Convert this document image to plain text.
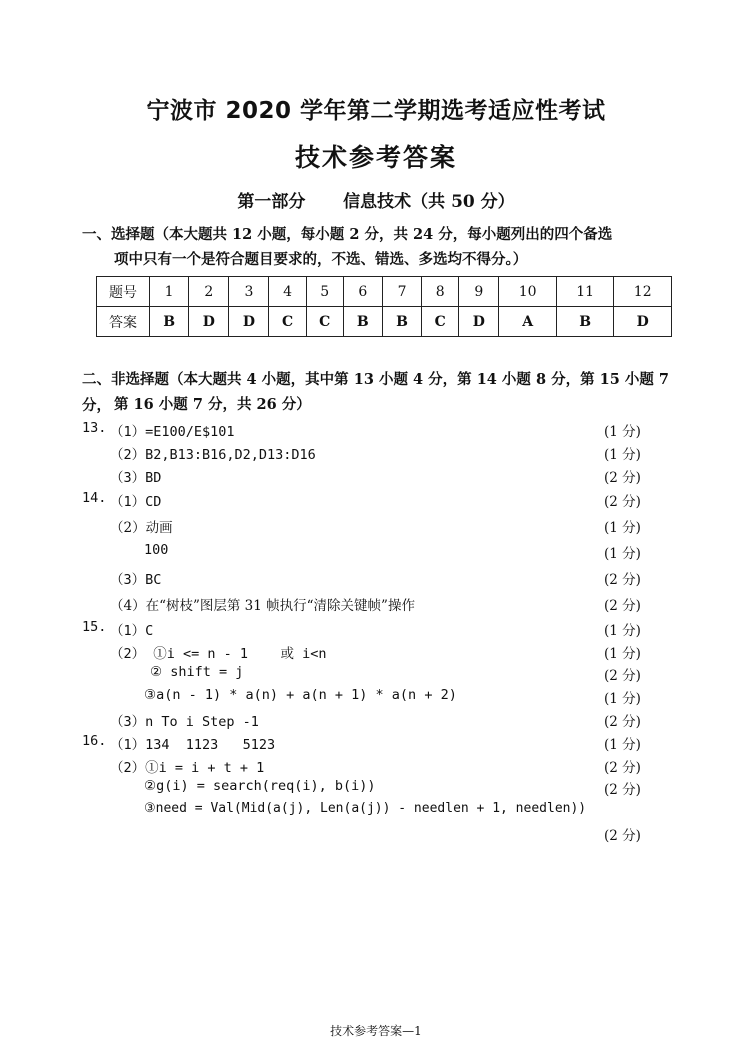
宁波市 2020 学年第二学期选考适应性考试
技术参考答案
第一部分 信息技术（共 50 分）
一、选择题（本大题共 12 小题，每小题 2 分，共 24 分，每小题列出的四个备选
项中只有一个是符合题目要求的，不选、错选、多选均不得分。）
题号	1	2	3	4	5	6	7	8	9	10	11	12
答案	B	D	D	C	C	B	B	C	D	A	B	D
二、非选择题（本大题共 4 小题，其中第 13 小题 4 分，第 14 小题 8 分，第 15 小题 7 分， 第 16 小题 7 分，共 26 分）
13. （1）=E100/E$101	(1 分)
（2）B2,B13:B16,D2,D13:D16	(1 分)
（3）BD	(2 分)
14. （1）CD	(2 分)
（2）动画	(1 分)
100	(1 分)
（3）BC	(2 分)
（4）在“树枝”图层第 31 帧执行“清除关键帧”操作	(2 分)
15. （1）C	(1 分)
（2） ①i <= n - 1    或 i<n	(1 分)
② shift = j	(2 分)
③a(n - 1) * a(n) + a(n + 1) * a(n + 2)	(1 分)
（3）n To i Step -1	(2 分)
16. （1）134  1123   5123	(1 分)
（2）①i = i + t + 1	(2 分)
②g(i) = search(req(i), b(i))	(2 分)
③need = Val(Mid(a(j), Len(a(j)) - needlen + 1, needlen))
(2 分)
技术参考答案—1
